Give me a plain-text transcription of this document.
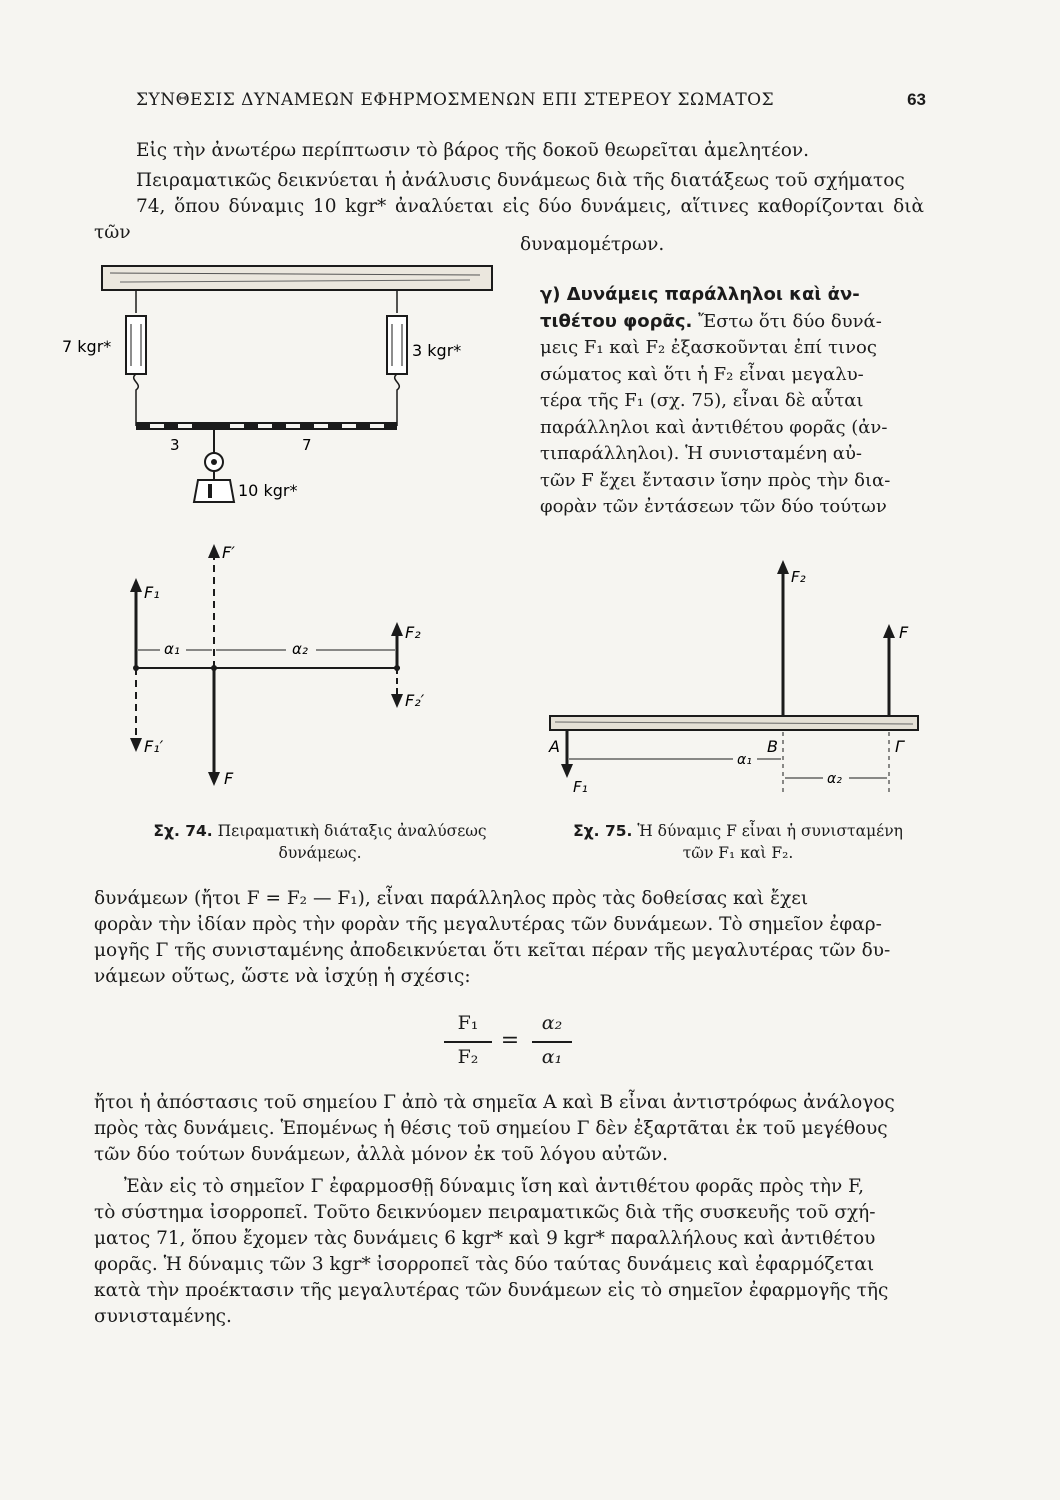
ΣΥΝΘΕΣΙΣ ΔΥΝΑΜΕΩΝ ΕΦΗΡΜΟΣΜΕΝΩΝ ΕΠΙ ΣΤΕΡΕΟΥ ΣΩΜΑΤΟΣ	63

Εἰς τὴν ἀνωτέρω περίπτωσιν τὸ βάρος τῆς δοκοῦ θεωρεῖται ἀμελητέον.

Πειραματικῶς δεικνύεται ἡ ἀνάλυσις δυνάμεως διὰ τῆς διατάξεως τοῦ σχήματος
74, ὅπου δύναμις 10 kgr* ἀναλύεται εἰς δύο δυνάμεις, αἵτινες καθορίζονται διὰ τῶν

δυναμομέτρων.

7 kgr*	3 kgr*
3	7
10 kgr*
F′
F₁
F₂
F₂′
F₁′
F
α₁	α₂
γ) Δυνάμεις παράλληλοι καὶ ἀν-
τιθέτου φορᾶς. Ἔστω ὅτι δύο δυνά-
μεις F₁ καὶ F₂ ἐξασκοῦνται ἐπί τινος
σώματος καὶ ὅτι ἡ F₂ εἶναι μεγαλυ-
τέρα τῆς F₁ (σχ. 75), εἶναι δὲ αὗται
παράλληλοι καὶ ἀντιθέτου φορᾶς (ἀν-
τιπαράλληλοι). Ἡ συνισταμένη αὐ-
τῶν F ἔχει ἔντασιν ἴσην πρὸς τὴν δια-
φορὰν τῶν ἐντάσεων τῶν δύο τούτων
F₁
A
F₂
B
F
Γ
α₁
α₂
Σχ. 74. Πειραματικὴ διάταξις ἀναλύσεως
δυνάμεως.
Σχ. 75. Ἡ δύναμις F εἶναι ἡ συνισταμένη
τῶν F₁ καὶ F₂.

δυνάμεων (ἤτοι F = F₂ — F₁), εἶναι παράλληλος πρὸς τὰς δοθείσας καὶ ἔχει
φορὰν τὴν ἰδίαν πρὸς τὴν φορὰν τῆς μεγαλυτέρας τῶν δυνάμεων. Τὸ σημεῖον ἐφαρ-
μογῆς Γ τῆς συνισταμένης ἀποδεικνύεται ὅτι κεῖται πέραν τῆς μεγαλυτέρας τῶν δυ-
νάμεων οὕτως, ὥστε νὰ ἰσχύῃ ἡ σχέσις:

F₁
F₂
=
α₂
α₁

ἤτοι ἡ ἀπόστασις τοῦ σημείου Γ ἀπὸ τὰ σημεῖα A καὶ B εἶναι ἀντιστρόφως ἀνάλογος
πρὸς τὰς δυνάμεις. Ἑπομένως ἡ θέσις τοῦ σημείου Γ δὲν ἐξαρτᾶται ἐκ τοῦ μεγέθους
τῶν δύο τούτων δυνάμεων, ἀλλὰ μόνον ἐκ τοῦ λόγου αὐτῶν.

Ἐὰν εἰς τὸ σημεῖον Γ ἐφαρμοσθῇ δύναμις ἴση καὶ ἀντιθέτου φορᾶς πρὸς τὴν F,
τὸ σύστημα ἰσορροπεῖ. Τοῦτο δεικνύομεν πειραματικῶς διὰ τῆς συσκευῆς τοῦ σχή-
ματος 71, ὅπου ἔχομεν τὰς δυνάμεις 6 kgr* καὶ 9 kgr* παραλλήλους καὶ ἀντιθέτου
φορᾶς. Ἡ δύναμις τῶν 3 kgr* ἰσορροπεῖ τὰς δύο ταύτας δυνάμεις καὶ ἐφαρμόζεται
κατὰ τὴν προέκτασιν τῆς μεγαλυτέρας τῶν δυνάμεων εἰς τὸ σημεῖον ἐφαρμογῆς τῆς
συνισταμένης.
